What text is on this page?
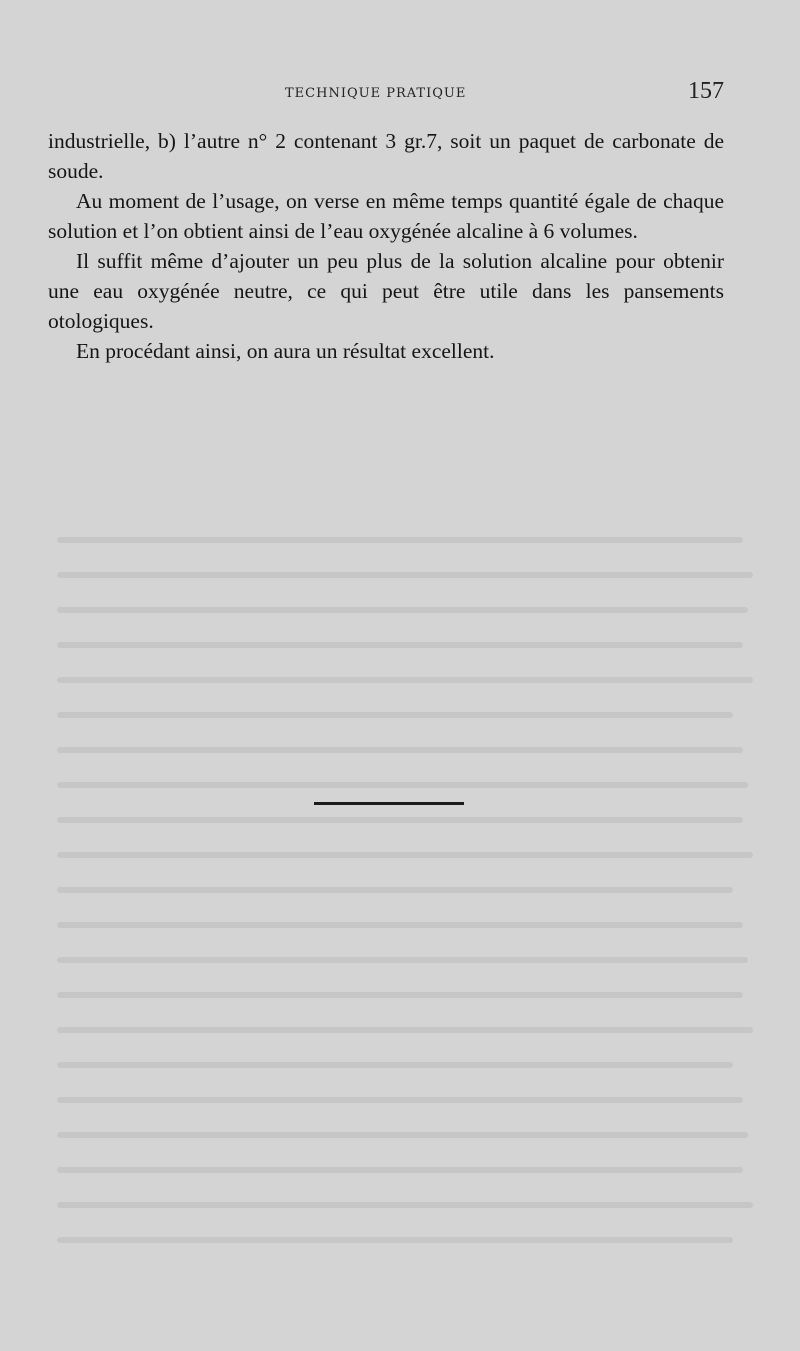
TECHNIQUE PRATIQUE	157

industrielle, b) l’autre n° 2 contenant 3 gr.7, soit un paquet de carbonate de soude.

Au moment de l’usage, on verse en même temps quantité égale de chaque solution et l’on obtient ainsi de l’eau oxygénée alcaline à 6 volumes.

Il suffit même d’ajouter un peu plus de la solution alcaline pour obtenir une eau oxygénée neutre, ce qui peut être utile dans les pansements otologiques.

En procédant ainsi, on aura un résultat excellent.
